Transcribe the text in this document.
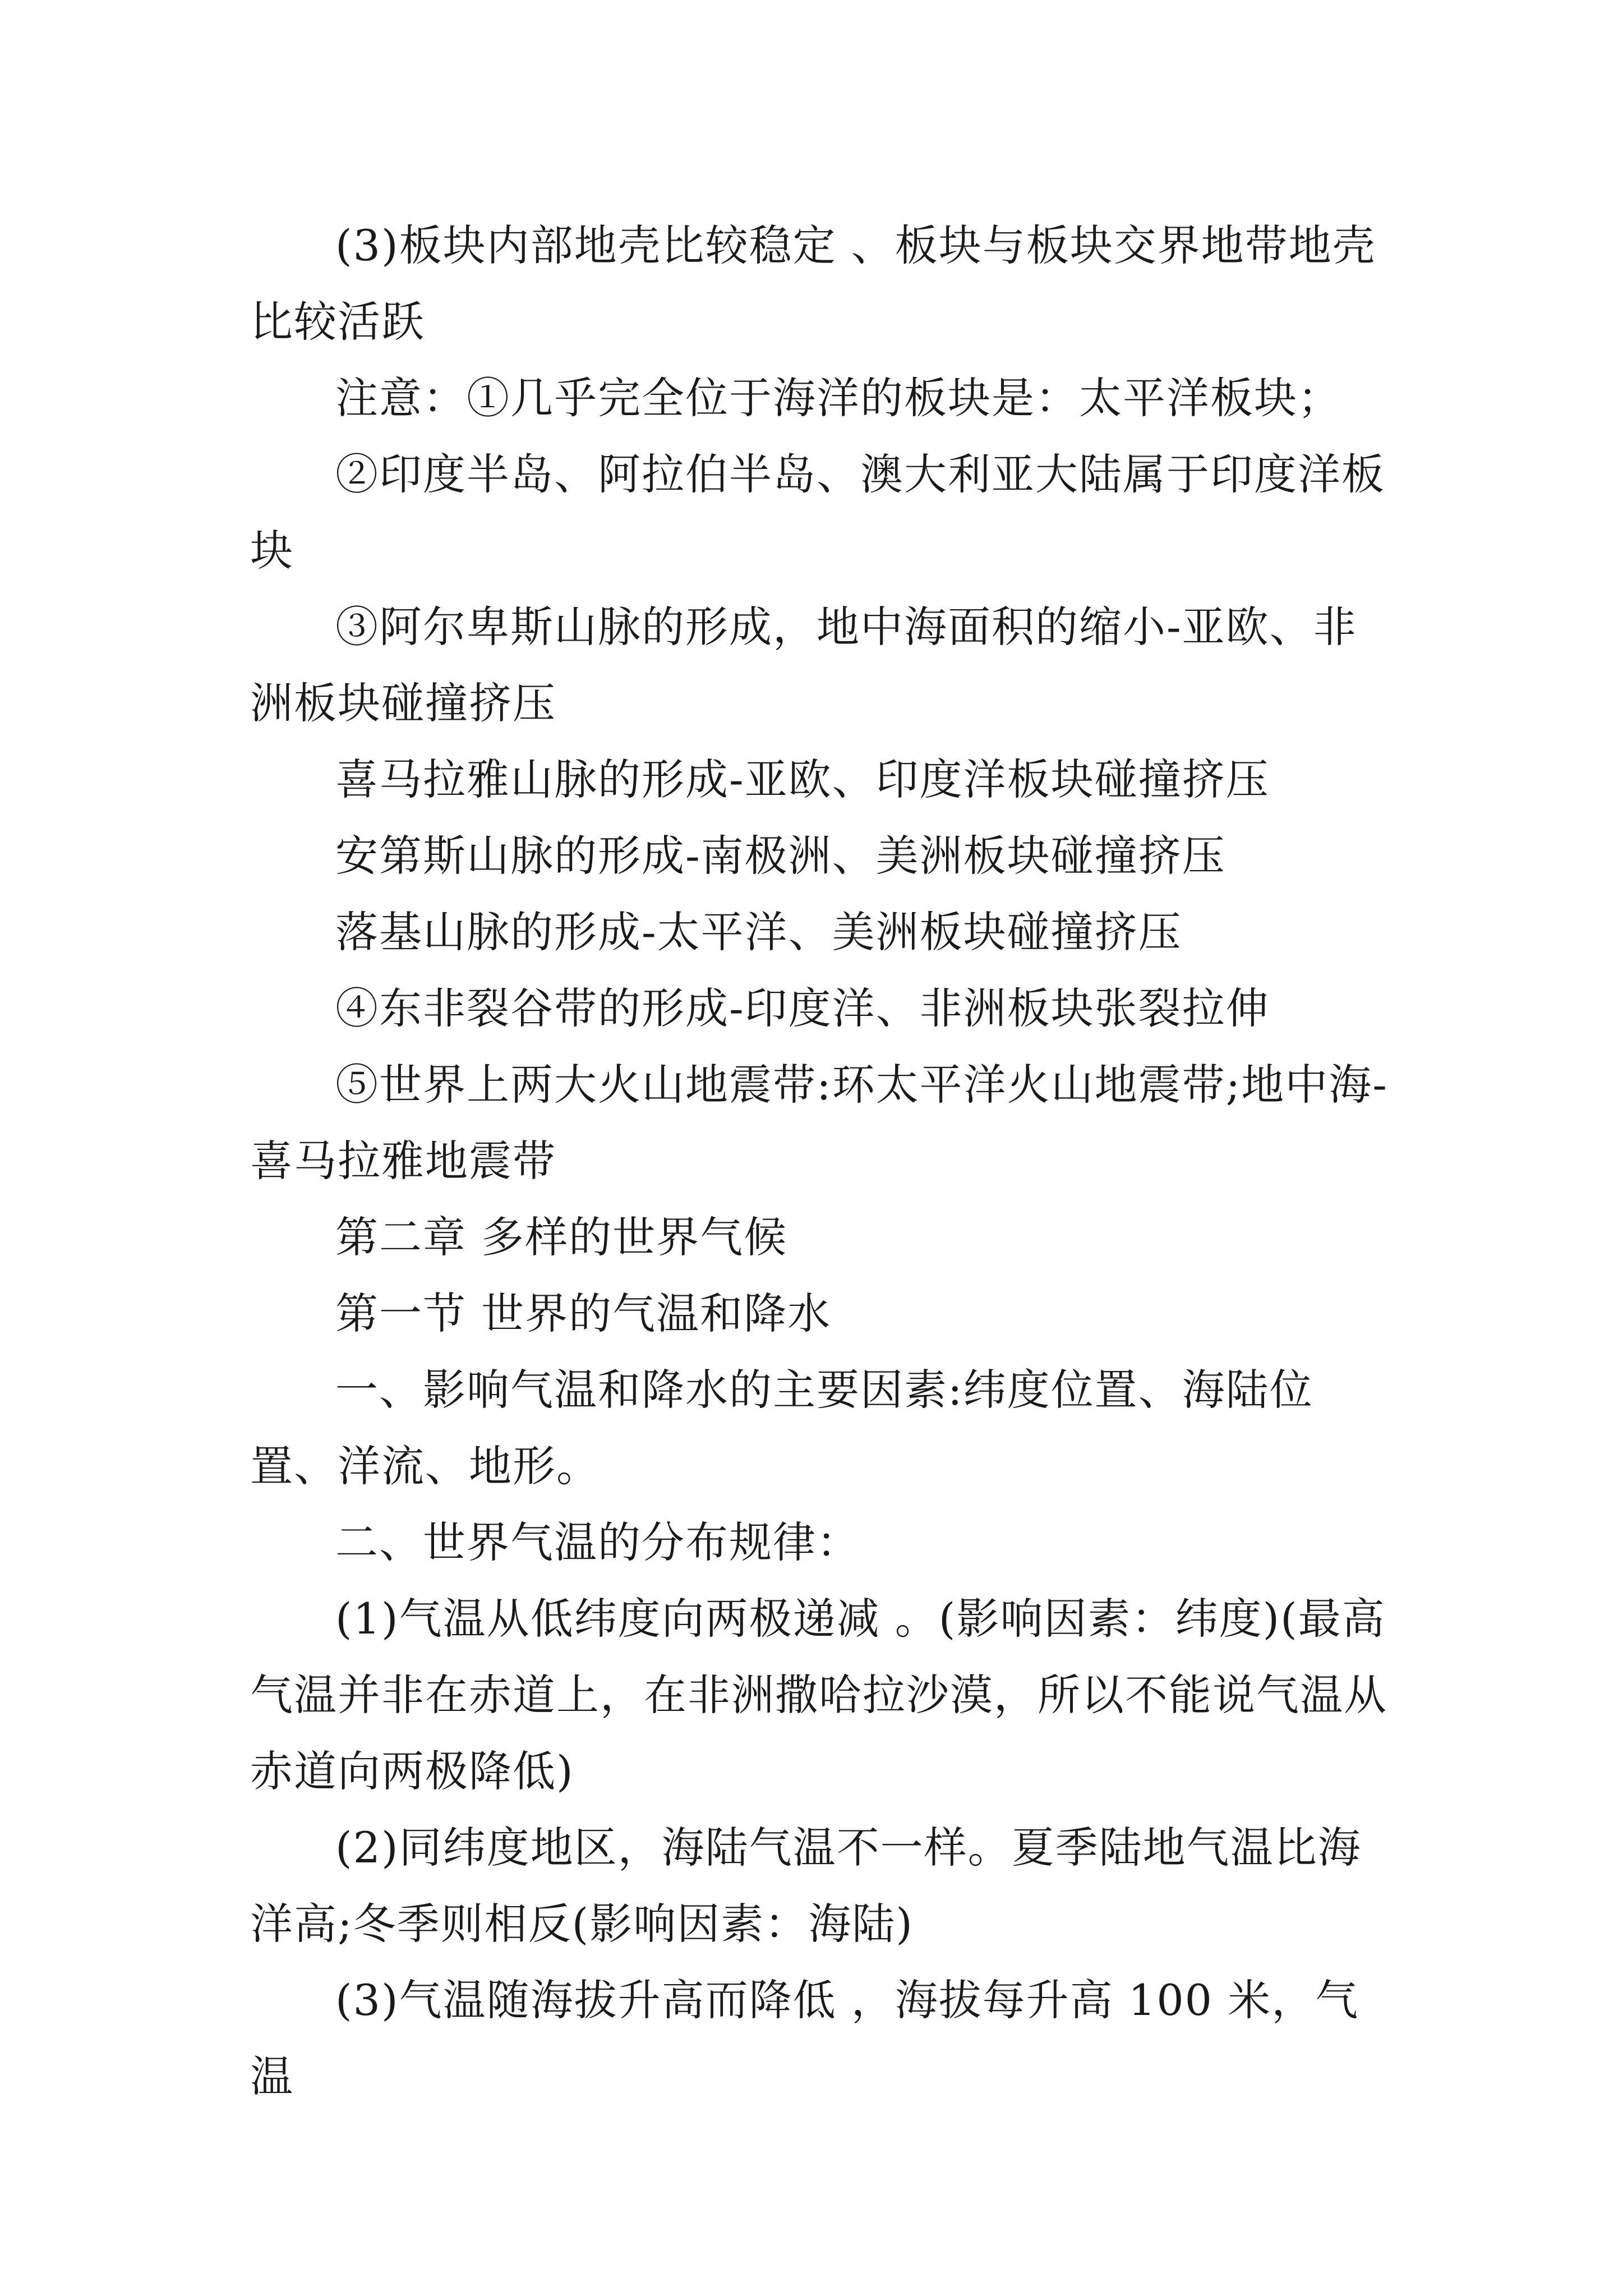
(3)板块内部地壳比较稳定 、板块与板块交界地带地壳比较活跃

注意：①几乎完全位于海洋的板块是：太平洋板块；

②印度半岛、阿拉伯半岛、澳大利亚大陆属于印度洋板块

③阿尔卑斯山脉的形成，地中海面积的缩小-亚欧、非洲板块碰撞挤压

喜马拉雅山脉的形成-亚欧、印度洋板块碰撞挤压

安第斯山脉的形成-南极洲、美洲板块碰撞挤压

落基山脉的形成-太平洋、美洲板块碰撞挤压

④东非裂谷带的形成-印度洋、非洲板块张裂拉伸

⑤世界上两大火山地震带:环太平洋火山地震带;地中海-喜马拉雅地震带

第二章 多样的世界气候

第一节 世界的气温和降水

一、影响气温和降水的主要因素:纬度位置、海陆位置、洋流、地形。

二、世界气温的分布规律：

(1)气温从低纬度向两极递减 。(影响因素：纬度)(最高气温并非在赤道上，在非洲撒哈拉沙漠，所以不能说气温从赤道向两极降低)

(2)同纬度地区，海陆气温不一样。夏季陆地气温比海洋高;冬季则相反(影响因素：海陆)

(3)气温随海拔升高而降低 ，海拔每升高 100 米，气温
